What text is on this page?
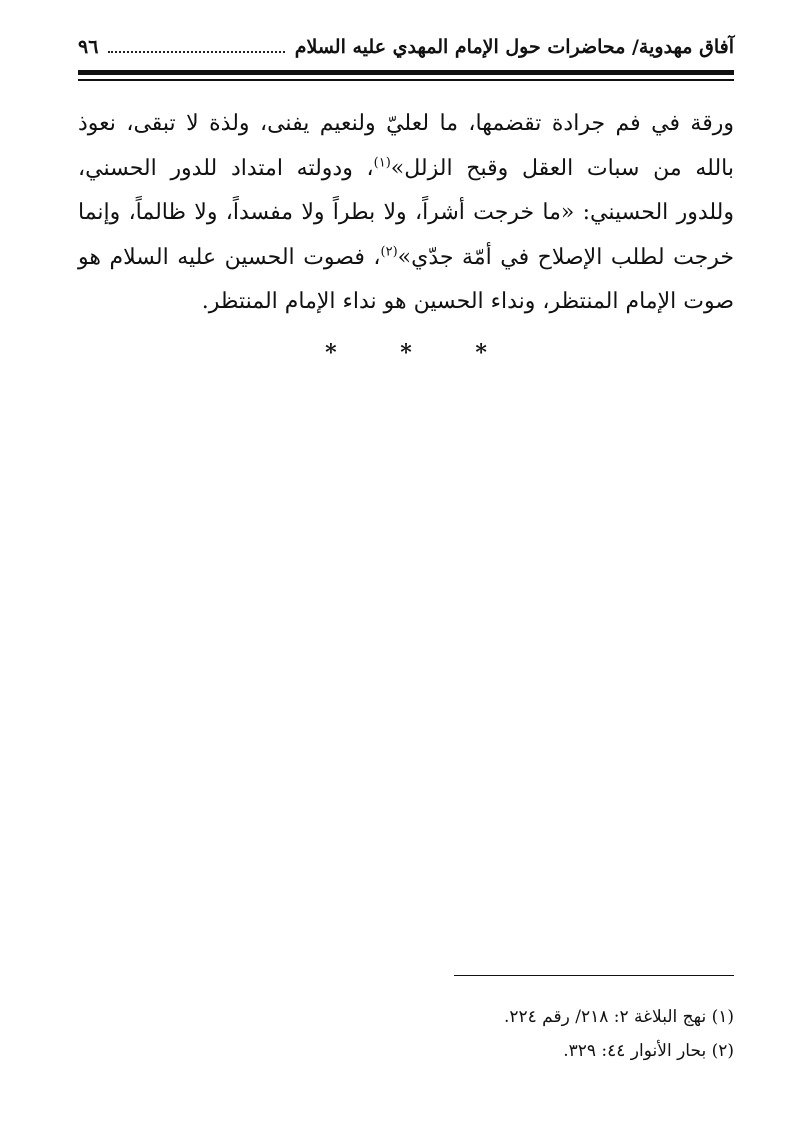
آفاق مهدوية/ محاضرات حول الإمام المهدي عليه السلام
٩٦

ورقة في فم جرادة تقضمها، ما لعليّ ولنعيم يفنى، ولذة لا تبقى، نعوذ بالله من سبات العقل وقبح الزلل»$^{(١)}$، ودولته امتداد للدور الحسني، وللدور الحسيني: «ما خرجت أشراً، ولا بطراً ولا مفسداً، ولا ظالماً، وإنما خرجت لطلب الإصلاح في أمّة جدّي»$^{(٢)}$، فصوت الحسين عليه السلام هو صوت الإمام المنتظر، ونداء الحسين هو نداء الإمام المنتظر.

* * *
(١) نهج البلاغة ٢: ٢١٨/ رقم ٢٢٤.
(٢) بحار الأنوار ٤٤: ٣٢٩.
